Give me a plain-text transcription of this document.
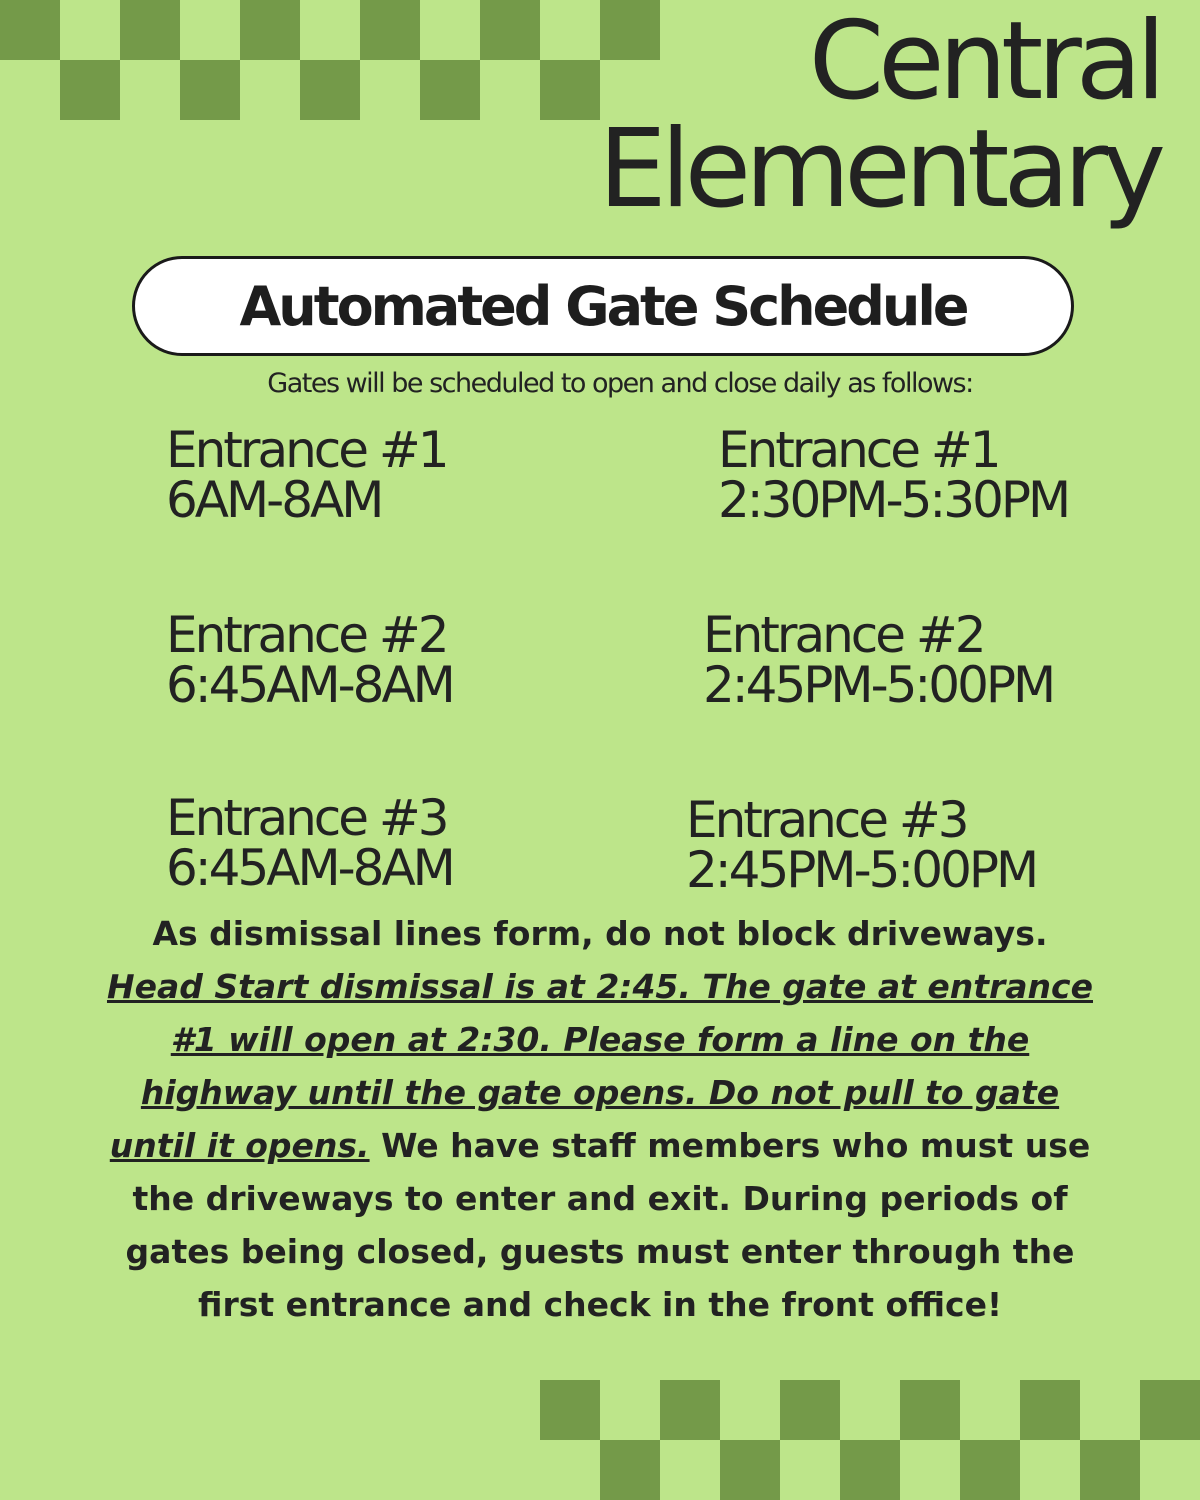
Central
Elementary
Automated Gate Schedule
Gates will be scheduled to open and close daily as follows:
Entrance #1
6AM-8AM
Entrance #2
6:45AM-8AM
Entrance #3
6:45AM-8AM
Entrance #1
2:30PM-5:30PM
Entrance #2
2:45PM-5:00PM
Entrance #3
2:45PM-5:00PM
As dismissal lines form, do not block driveways.
Head Start dismissal is at 2:45. The gate at entrance #1 will open at 2:30. Please form a line on the highway until the gate opens. Do not pull to gate until it opens. We have staff members who must use the driveways to enter and exit. During periods of gates being closed, guests must enter through the first entrance and check in the front office!
